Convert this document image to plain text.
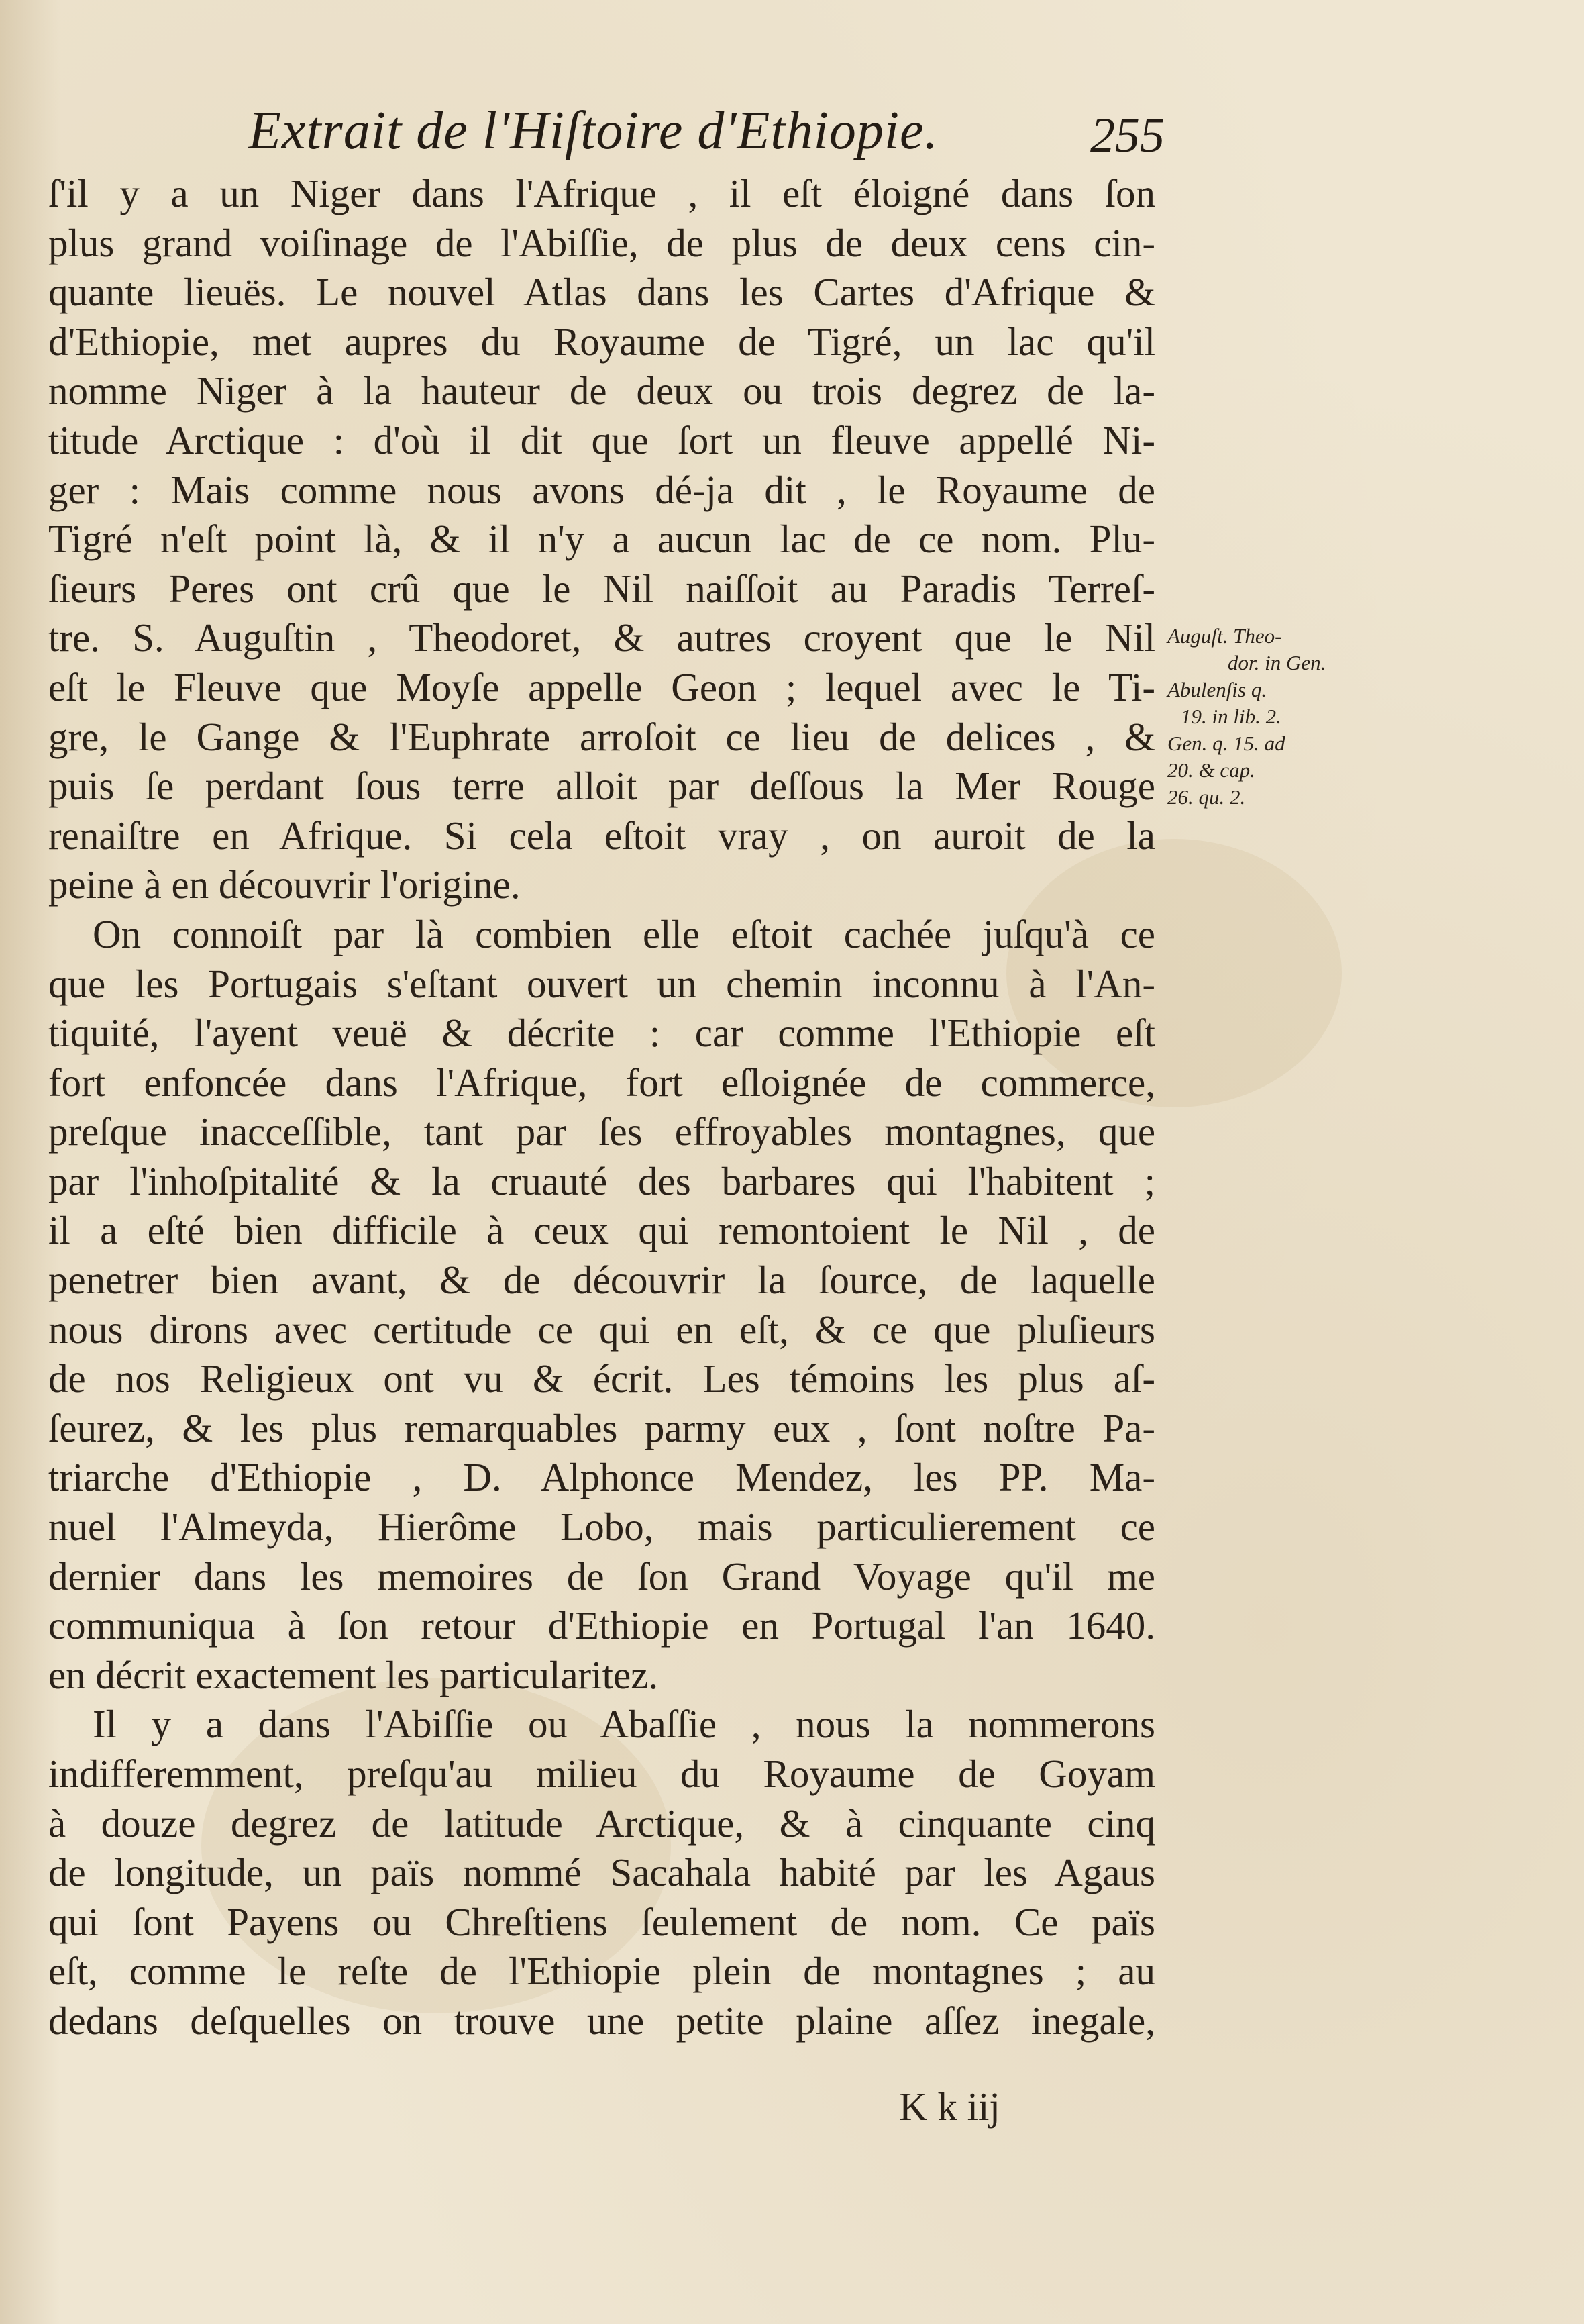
Extrait de l'Hiſtoire d'Ethiopie.	255
ſ'il y a un Niger dans l'Afrique , il eſt éloigné dans ſon
plus grand voiſinage de l'Abiſſie, de plus de deux cens cin-
quante lieuës. Le nouvel Atlas dans les Cartes d'Afrique &
d'Ethiopie, met aupres du Royaume de Tigré, un lac qu'il
nomme Niger à la hauteur de deux ou trois degrez de la-
titude Arctique : d'où il dit que ſort un fleuve appellé Ni-
ger : Mais comme nous avons dé-ja dit , le Royaume de
Tigré n'eſt point là, & il n'y a aucun lac de ce nom. Plu-
ſieurs Peres ont crû que le Nil naiſſoit au Paradis Terreſ-
tre. S. Auguſtin , Theodoret, & autres croyent que le Nil
eſt le Fleuve que Moyſe appelle Geon ; lequel avec le Ti-
gre, le Gange & l'Euphrate arroſoit ce lieu de delices , &
puis ſe perdant ſous terre alloit par deſſous la Mer Rouge
renaiſtre en Afrique. Si cela eſtoit vray , on auroit de la
peine à en découvrir l'origine.
On connoiſt par là combien elle eſtoit cachée juſqu'à ce
que les Portugais s'eſtant ouvert un chemin inconnu à l'An-
tiquité, l'ayent veuë & décrite : car comme l'Ethiopie eſt
fort enfoncée dans l'Afrique, fort eſloignée de commerce,
preſque inacceſſible, tant par ſes effroyables montagnes, que
par l'inhoſpitalité & la cruauté des barbares qui l'habitent ;
il a eſté bien difficile à ceux qui remontoient le Nil , de
penetrer bien avant, & de découvrir la ſource, de laquelle
nous dirons avec certitude ce qui en eſt, & ce que pluſieurs
de nos Religieux ont vu & écrit. Les témoins les plus aſ-
ſeurez, & les plus remarquables parmy eux , ſont noſtre Pa-
triarche d'Ethiopie , D. Alphonce Mendez, les PP. Ma-
nuel l'Almeyda, Hierôme Lobo, mais particulierement ce
dernier dans les memoires de ſon Grand Voyage qu'il me
communiqua à ſon retour d'Ethiopie en Portugal l'an 1640.
en décrit exactement les particularitez.
Il y a dans l'Abiſſie ou Abaſſie , nous la nommerons
indifferemment, preſqu'au milieu du Royaume de Goyam
à douze degrez de latitude Arctique, & à cinquante cinq
de longitude, un païs nommé Sacahala habité par les Agaus
qui ſont Payens ou Chreſtiens ſeulement de nom. Ce païs
eſt, comme le reſte de l'Ethiopie plein de montagnes ; au
dedans deſquelles on trouve une petite plaine aſſez inegale,
Auguſt. Theo-
dor. in Gen.
Abulenſis q.
19. in lib. 2.
Gen. q. 15. ad
20. & cap.
26. qu. 2.
K k iij
